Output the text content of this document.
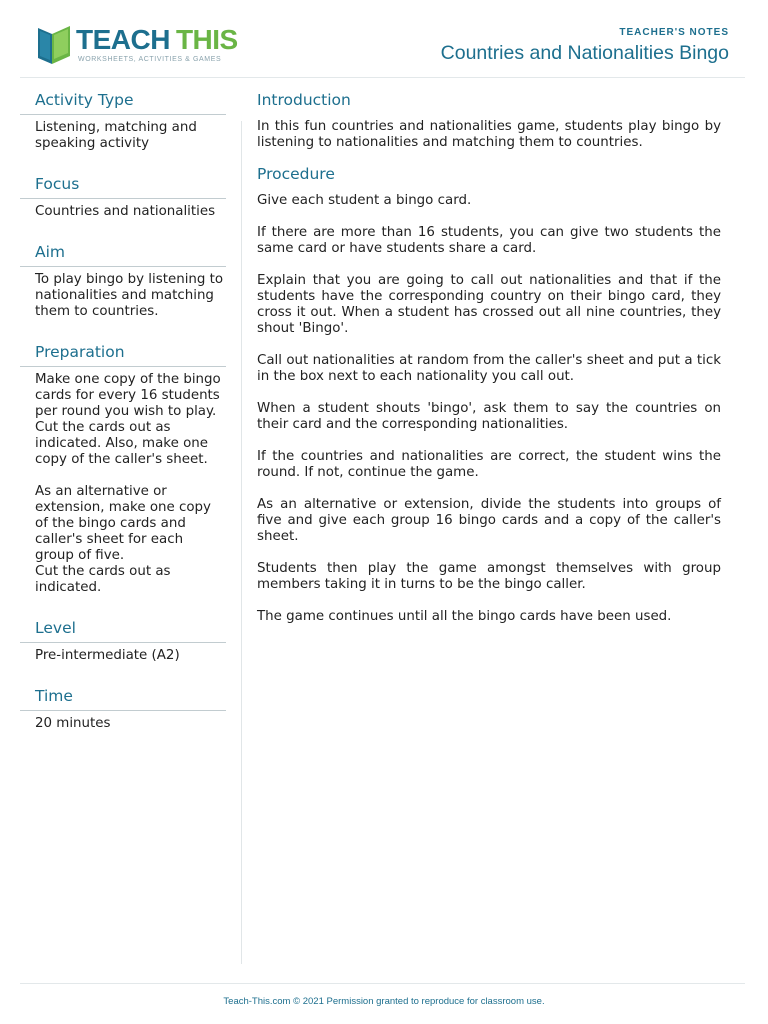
TEACH THIS
WORKSHEETS, ACTIVITIES & GAMES
TEACHER'S NOTES
Countries and Nationalities Bingo
Activity Type

Listening, matching and speaking activity

Focus

Countries and nationalities

Aim

To play bingo by listening to nationalities and matching them to countries.

Preparation

Make one copy of the bingo cards for every 16 students per round you wish to play. Cut the cards out as indicated. Also, make one copy of the caller's sheet.

As an alternative or extension, make one copy of the bingo cards and caller's sheet for each group of five.
Cut the cards out as indicated.

Level

Pre-intermediate (A2)

Time

20 minutes

Introduction

In this fun countries and nationalities game, students play bingo by listening to nationalities and matching them to countries.

Procedure

Give each student a bingo card.

If there are more than 16 students, you can give two students the same card or have students share a card.

Explain that you are going to call out nationalities and that if the students have the corresponding country on their bingo card, they cross it out. When a student has crossed out all nine countries, they shout 'Bingo'.

Call out nationalities at random from the caller's sheet and put a tick in the box next to each nationality you call out.

When a student shouts 'bingo', ask them to say the countries on their card and the corresponding nationalities.

If the countries and nationalities are correct, the student wins the round. If not, continue the game.

As an alternative or extension, divide the students into groups of five and give each group 16 bingo cards and a copy of the caller's sheet.

Students then play the game amongst themselves with group members taking it in turns to be the bingo caller.

The game continues until all the bingo cards have been used.

Teach-This.com © 2021 Permission granted to reproduce for classroom use.
